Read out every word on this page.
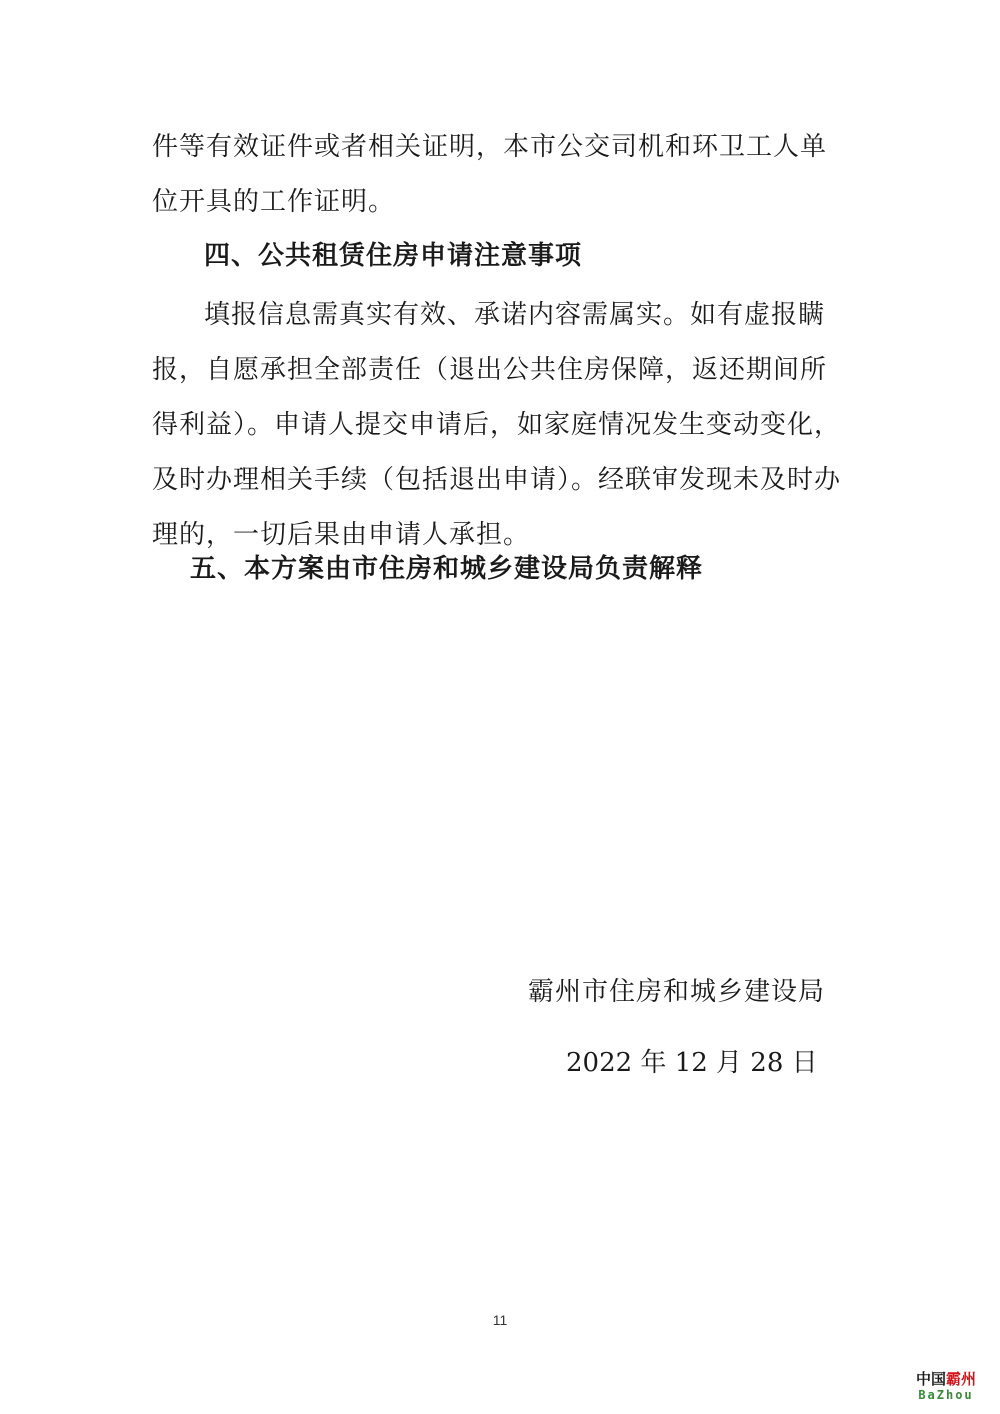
件等有效证件或者相关证明，本市公交司机和环卫工人单位开具的工作证明。

四、公共租赁住房申请注意事项

填报信息需真实有效、承诺内容需属实。如有虚报瞒报，自愿承担全部责任（退出公共住房保障，返还期间所得利益）。申请人提交申请后，如家庭情况发生变动变化，及时办理相关手续（包括退出申请）。经联审发现未及时办理的，一切后果由申请人承担。

五、本方案由市住房和城乡建设局负责解释

霸州市住房和城乡建设局

2022 年 12 月 28 日

11
中国霸州
BaZhou
